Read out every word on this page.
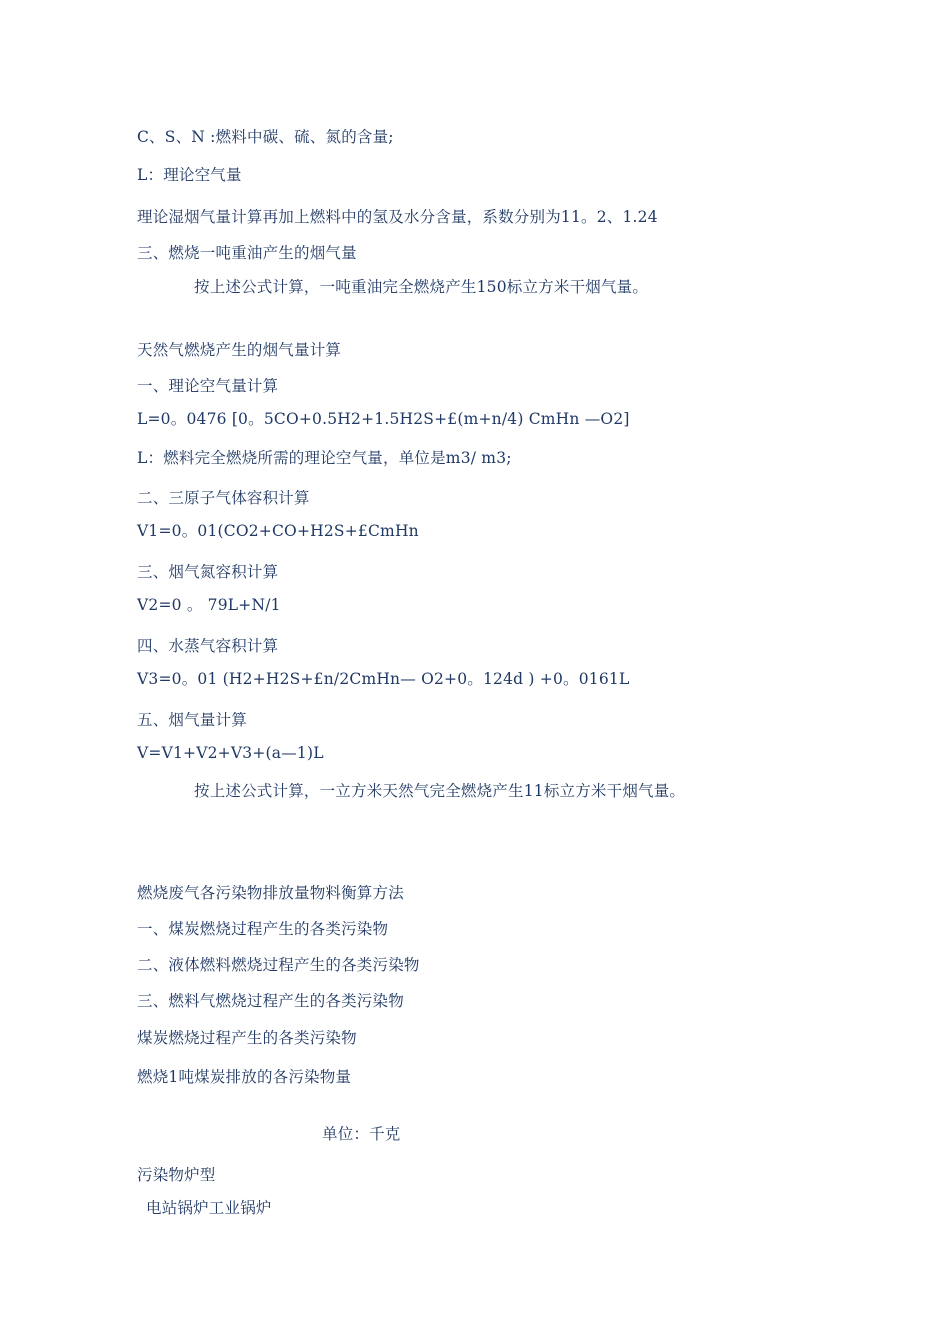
C、S、N :燃料中碳、硫、氮的含量;
L：理论空气量
理论湿烟气量计算再加上燃料中的氢及水分含量，系数分别为11。2、1.24
三、燃烧一吨重油产生的烟气量
按上述公式计算，一吨重油完全燃烧产生150标立方米干烟气量。
天然气燃烧产生的烟气量计算
一、理论空气量计算
L=0。0476 [0。5CO+0.5H2+1.5H2S+£(m+n/4) CmHn —O2]
L：燃料完全燃烧所需的理论空气量，单位是m3/ m3;
二、三原子气体容积计算
V1=0。01(CO2+CO+H2S+£CmHn
三、烟气氮容积计算
V2=0 。 79L+N/1
四、水蒸气容积计算
V3=0。01 (H2+H2S+£n/2CmHn— O2+0。124d ) +0。0161L
五、烟气量计算
V=V1+V2+V3+(a—1)L
按上述公式计算，一立方米天然气完全燃烧产生11标立方米干烟气量。
燃烧废气各污染物排放量物料衡算方法
一、煤炭燃烧过程产生的各类污染物
二、液体燃料燃烧过程产生的各类污染物
三、燃料气燃烧过程产生的各类污染物
煤炭燃烧过程产生的各类污染物
燃烧1吨煤炭排放的各污染物量
单位：千克
污染物炉型
电站锅炉工业锅炉
